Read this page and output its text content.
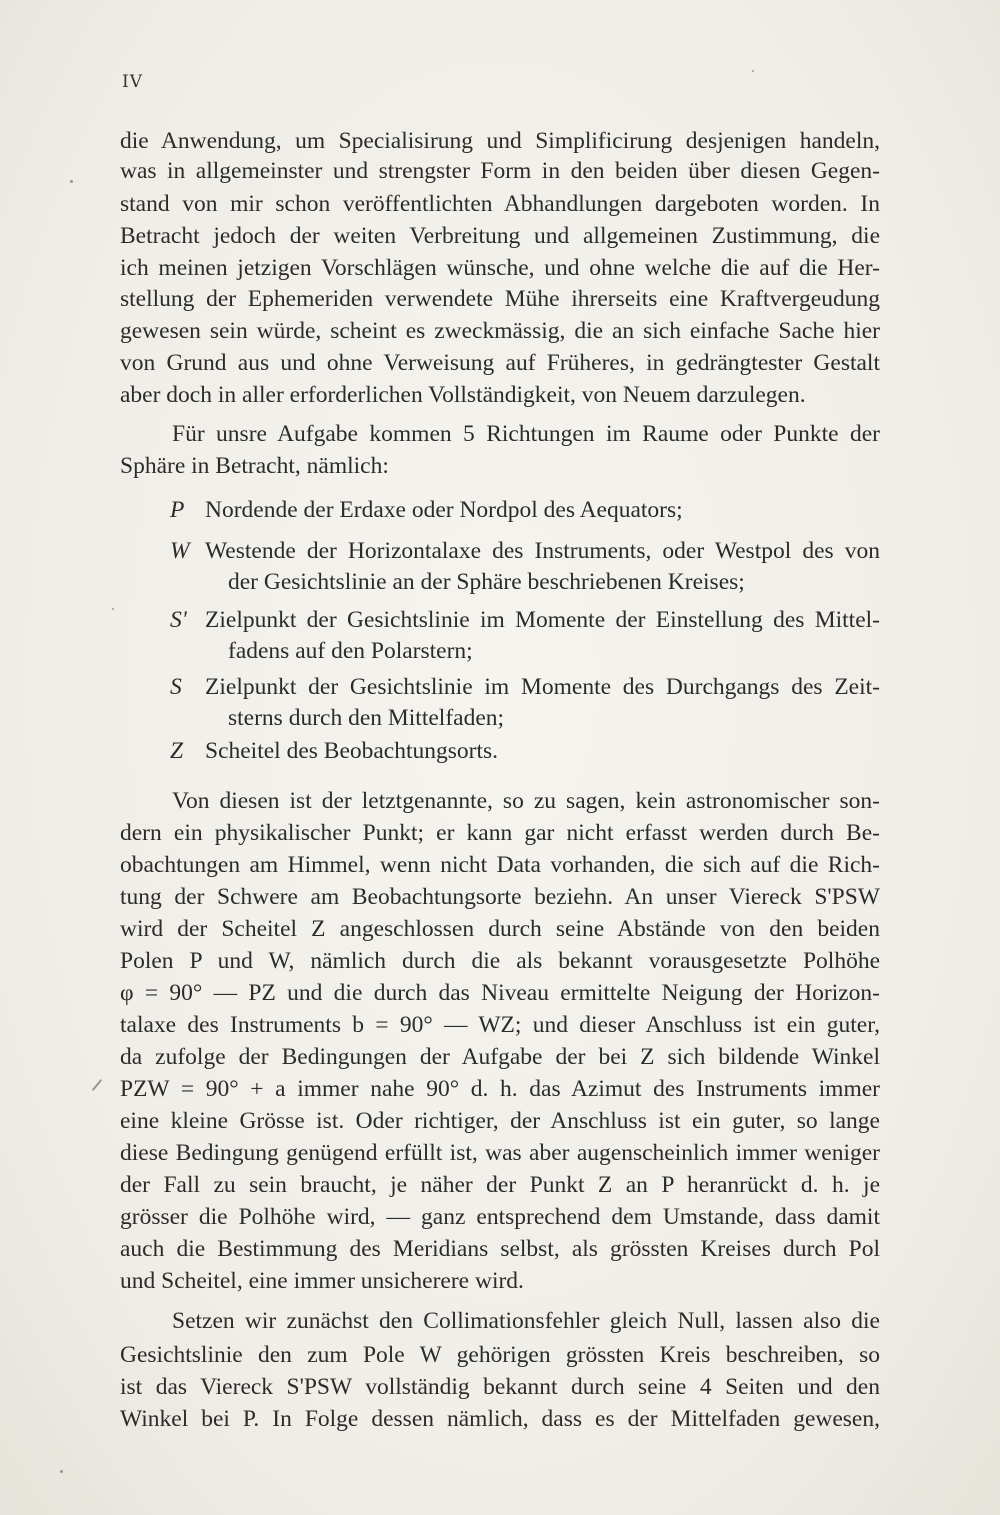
IV
die Anwendung, um Specialisirung und Simplificirung desjenigen handeln,
was in allgemeinster und strengster Form in den beiden über diesen Gegen-
stand von mir schon veröffentlichten Abhandlungen dargeboten worden. In
Betracht jedoch der weiten Verbreitung und allgemeinen Zustimmung, die
ich meinen jetzigen Vorschlägen wünsche, und ohne welche die auf die Her-
stellung der Ephemeriden verwendete Mühe ihrerseits eine Kraftvergeudung
gewesen sein würde, scheint es zweckmässig, die an sich einfache Sache hier
von Grund aus und ohne Verweisung auf Früheres, in gedrängtester Gestalt
aber doch in aller erforderlichen Vollständigkeit, von Neuem darzulegen.
Für unsre Aufgabe kommen 5 Richtungen im Raume oder Punkte der
Sphäre in Betracht, nämlich:
P Nordende der Erdaxe oder Nordpol des Aequators;
W Westende der Horizontalaxe des Instruments, oder Westpol des von
der Gesichtslinie an der Sphäre beschriebenen Kreises;
S' Zielpunkt der Gesichtslinie im Momente der Einstellung des Mittel-
fadens auf den Polarstern;
S Zielpunkt der Gesichtslinie im Momente des Durchgangs des Zeit-
sterns durch den Mittelfaden;
Z Scheitel des Beobachtungsorts.
Von diesen ist der letztgenannte, so zu sagen, kein astronomischer son-
dern ein physikalischer Punkt; er kann gar nicht erfasst werden durch Be-
obachtungen am Himmel, wenn nicht Data vorhanden, die sich auf die Rich-
tung der Schwere am Beobachtungsorte beziehn. An unser Viereck S'PSW
wird der Scheitel Z angeschlossen durch seine Abstände von den beiden
Polen P und W, nämlich durch die als bekannt vorausgesetzte Polhöhe
φ = 90° — PZ und die durch das Niveau ermittelte Neigung der Horizon-
talaxe des Instruments b = 90° — WZ; und dieser Anschluss ist ein guter,
da zufolge der Bedingungen der Aufgabe der bei Z sich bildende Winkel
PZW = 90° + a immer nahe 90° d. h. das Azimut des Instruments immer
eine kleine Grösse ist. Oder richtiger, der Anschluss ist ein guter, so lange
diese Bedingung genügend erfüllt ist, was aber augenscheinlich immer weniger
der Fall zu sein braucht, je näher der Punkt Z an P heranrückt d. h. je
grösser die Polhöhe wird, — ganz entsprechend dem Umstande, dass damit
auch die Bestimmung des Meridians selbst, als grössten Kreises durch Pol
und Scheitel, eine immer unsicherere wird.
Setzen wir zunächst den Collimationsfehler gleich Null, lassen also die
Gesichtslinie den zum Pole W gehörigen grössten Kreis beschreiben, so
ist das Viereck S'PSW vollständig bekannt durch seine 4 Seiten und den
Winkel bei P. In Folge dessen nämlich, dass es der Mittelfaden gewesen,
